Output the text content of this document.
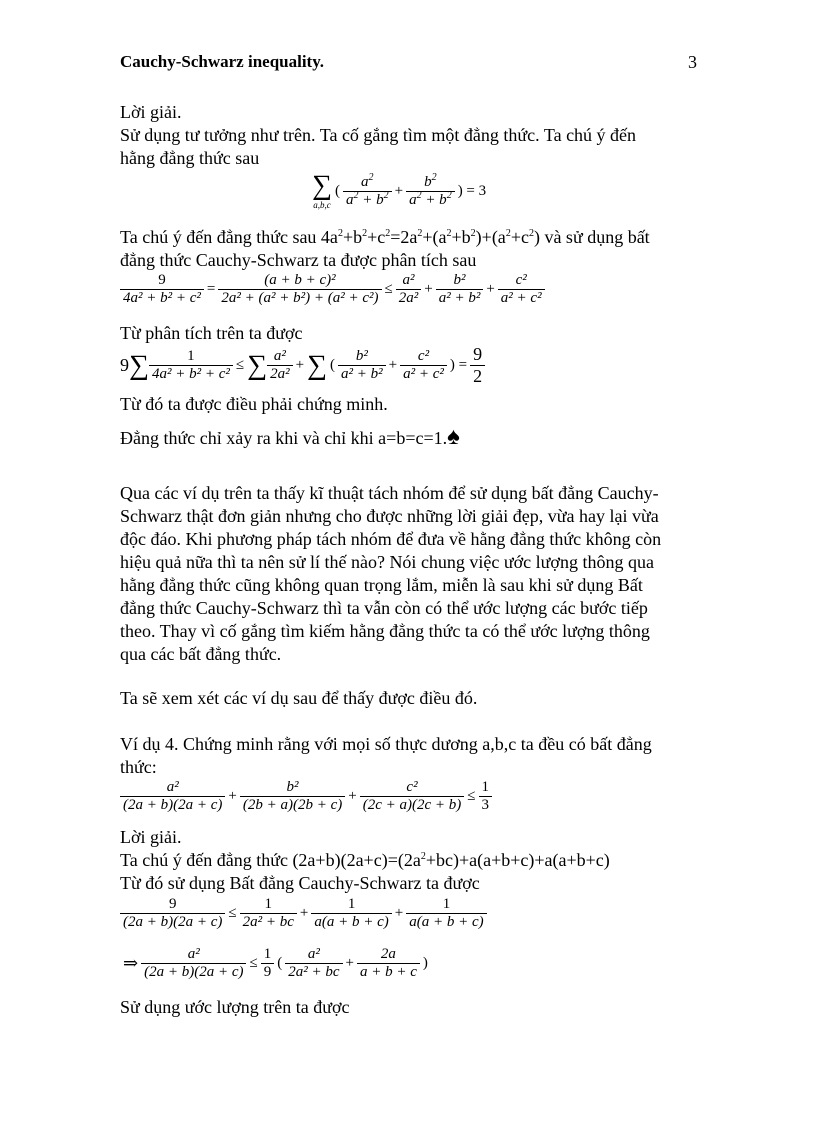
Cauchy-Schwarz inequality.	3
Lời giải.
Sử dụng tư tưởng như trên. Ta cố gắng tìm một đẳng thức. Ta chú ý đến
hằng đẳng thức sau
∑
a,b,c
( $\frac{a^2}{a^2 + b^2} + \frac{b^2}{a^2 + b^2}$ ) = 3
Ta chú ý đến đẳng thức sau $4a^2+b^2+c^2=2a^2+(a^2+b^2)+(a^2+c^2)$ và sử dụng bất
đẳng thức Cauchy-Schwarz ta được phân tích sau
$\frac{9}{\text{4a² + b² + c²}} = \frac{\text{(a + b + c)²}}{\text{2a² + (a² + b²) + (a² + c²)}} \le \frac{\text{a²}}{\text{2a²}} + \frac{\text{b²}}{\text{a² + b²}} + \frac{\text{c²}}{\text{a² + c²}}$
Từ phân tích trên ta được
9 ∑ $\frac{1}{\text{4a² + b² + c²}}$ ≤ ∑ $\frac{\text{a²}}{\text{2a²}}$ + ∑ ( $\frac{\text{b²}}{\text{a² + b²}} + \frac{\text{c²}}{\text{a² + c²}}$ ) = $\frac{9}{2}$
Từ đó ta được điều phải chứng minh.
Đẳng thức chỉ xảy ra khi và chỉ khi a=b=c=1.♠
Qua các ví dụ trên ta thấy kĩ thuật tách nhóm để sử dụng bất đẳng Cauchy-
Schwarz thật đơn giản nhưng cho được những lời giải đẹp, vừa hay lại vừa
độc đáo. Khi phương pháp tách nhóm để đưa về hằng đẳng thức không còn
hiệu quả nữa thì ta nên sử lí thế nào? Nói chung việc ước lượng thông qua
hằng đẳng thức cũng không quan trọng lắm, miễn là sau khi sử dụng Bất
đẳng thức Cauchy-Schwarz thì ta vẫn còn có thể ước lượng các bước tiếp
theo. Thay vì cố gắng tìm kiếm hằng đẳng thức ta có thể ước lượng thông
qua các bất đẳng thức.
Ta sẽ xem xét các ví dụ sau để thấy được điều đó.
Ví dụ 4. Chứng minh rằng với mọi số thực dương a,b,c ta đều có bất đẳng
thức:
$\frac{\text{a²}}{(2a + b)(2a + c)} + \frac{\text{b²}}{(2b + a)(2b + c)} + \frac{\text{c²}}{(2c + a)(2c + b)} \le \frac{1}{3}$
Lời giải.
Ta chú ý đến đẳng thức $(2a+b)(2a+c)=(2a^2+bc)+a(a+b+c)+a(a+b+c)$
Từ đó sử dụng Bất đẳng Cauchy-Schwarz ta được
$\frac{9}{(2a + b)(2a + c)} \le \frac{1}{\text{2a² + bc}} + \frac{1}{a(a + b + c)} + \frac{1}{a(a + b + c)}$
⇒ $\frac{\text{a²}}{(2a + b)(2a + c)} \le \frac{1}{9}$ ( $\frac{\text{a²}}{\text{2a² + bc}} + \frac{2a}{a + b + c}$ )
Sử dụng ước lượng trên ta được
